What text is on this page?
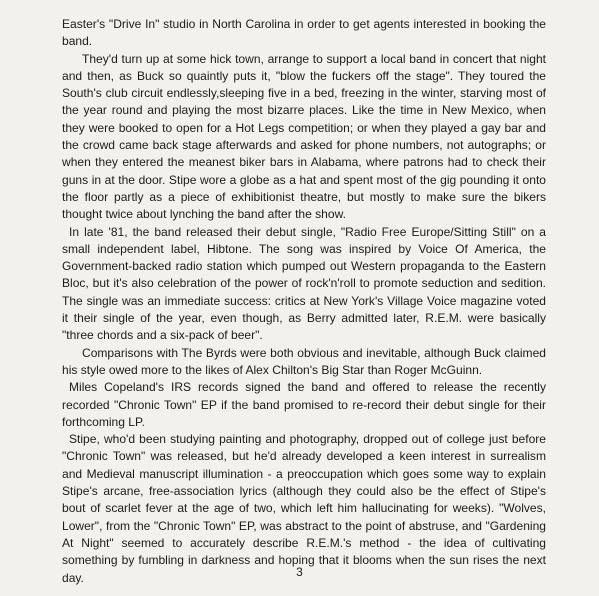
Easter's "Drive In" studio in North Carolina in order to get agents interested in booking the band.

They'd turn up at some hick town, arrange to support a local band in concert that night and then, as Buck so quaintly puts it, "blow the fuckers off the stage". They toured the South's club circuit endlessly,sleeping five in a bed, freezing in the winter, starving most of the year round and playing the most bizarre places. Like the time in New Mexico, when they were booked to open for a Hot Legs competition; or when they played a gay bar and the crowd came back stage afterwards and asked for phone numbers, not autographs; or when they entered the meanest biker bars in Alabama, where patrons had to check their guns in at the door. Stipe wore a globe as a hat and spent most of the gig pounding it onto the floor partly as a piece of exhibitionist theatre, but mostly to make sure the bikers thought twice about lynching the band after the show.

In late '81, the band released their debut single, "Radio Free Europe/Sitting Still" on a small independent label, Hibtone. The song was inspired by Voice Of America, the Government-backed radio station which pumped out Western propaganda to the Eastern Bloc, but it's also celebration of the power of rock'n'roll to promote seduction and sedition. The single was an immediate success: critics at New York's Village Voice magazine voted it their single of the year, even though, as Berry admitted later, R.E.M. were basically "three chords and a six-pack of beer".

Comparisons with The Byrds were both obvious and inevitable, although Buck claimed his style owed more to the likes of Alex Chilton's Big Star than Roger McGuinn.

Miles Copeland's IRS records signed the band and offered to release the recently recorded "Chronic Town" EP if the band promised to re-record their debut single for their forthcoming LP.

Stipe, who'd been studying painting and photography, dropped out of college just before "Chronic Town" was released, but he'd already developed a keen interest in surrealism and Medieval manuscript illumination - a preoccupation which goes some way to explain Stipe's arcane, free-association lyrics (although they could also be the effect of Stipe's bout of scarlet fever at the age of two, which left him hallucinating for weeks). "Wolves, Lower", from the "Chronic Town" EP, was abstract to the point of abstruse, and "Gardening At Night" seemed to accurately describe R.E.M.'s method - the idea of cultivating something by fumbling in darkness and hoping that it blooms when the sun rises the next day.	3
